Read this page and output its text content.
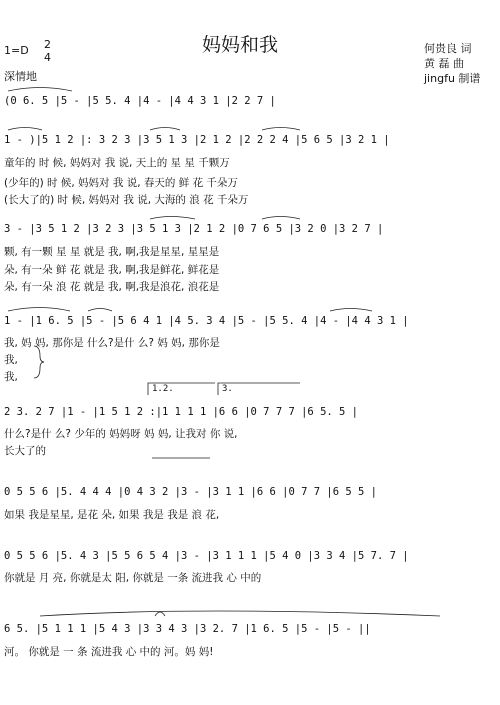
妈妈和我
1=D 2
4
深情地
何贵良 词
黄 磊 曲
jingfu 制谱
(0 6. 5 |5 - |5 5. 4 |4 - |4 4 3 1 |2 2 7 |
1 - )|5 1 2 |: 3 2 3 |3 5 1 3 |2 1 2 |2 2 2 4 |5 6 5 |3 2 1 |
童年的 时 候, 妈妈对 我 说, 天上的 星 星 千颗万
(少年的) 时 候, 妈妈对 我 说, 春天的 鲜 花 千朵万
(长大了的) 时 候, 妈妈对 我 说, 大海的 浪 花 千朵万
3 - |3 5 1 2 |3 2 3 |3 5 1 3 |2 1 2 |0 7 6 5 |3 2 0 |3 2 7 |
颗, 有一颗 星 星 就是 我, 啊,我是星星, 星星是
朵, 有一朵 鲜 花 就是 我, 啊,我是鲜花, 鲜花是
朵, 有一朵 浪 花 就是 我, 啊,我是浪花, 浪花是
1 - |1 6. 5 |5 - |5 6 4 1 |4 5. 3 4 |5 - |5 5. 4 |4 - |4 4 3 1 |
我, 妈 妈, 那你是 什么?是什 么? 妈 妈, 那你是
我,
我,
1.2.	3.
2 3. 2 7 |1 - |1 5 1 2 :|1 1 1 1 |6 6 |0 7 7 7 |6 5. 5 |
什么?是什 么? 少年的 妈妈呀 妈 妈, 让我对 你 说,
长大了的
0 5 5 6 |5. 4 4 4 |0 4 3 2 |3 - |3 1 1 |6 6 |0 7 7 |6 5 5 |
如果 我是星星, 是花 朵, 如果 我是 我是 浪 花,
0 5 5 6 |5. 4 3 |5 5 6 5 4 |3 - |3 1 1 1 |5 4 0 |3 3 4 |5 7. 7 |
你就是 月 亮, 你就是太 阳, 你就是 一条 流进我 心 中的
6 5. |5 1 1 1 |5 4 3 |3 3 4 3 |3 2. 7 |1 6. 5 |5 - |5 - ||
河。 你就是 一 条 流进我 心 中的 河。妈 妈!
